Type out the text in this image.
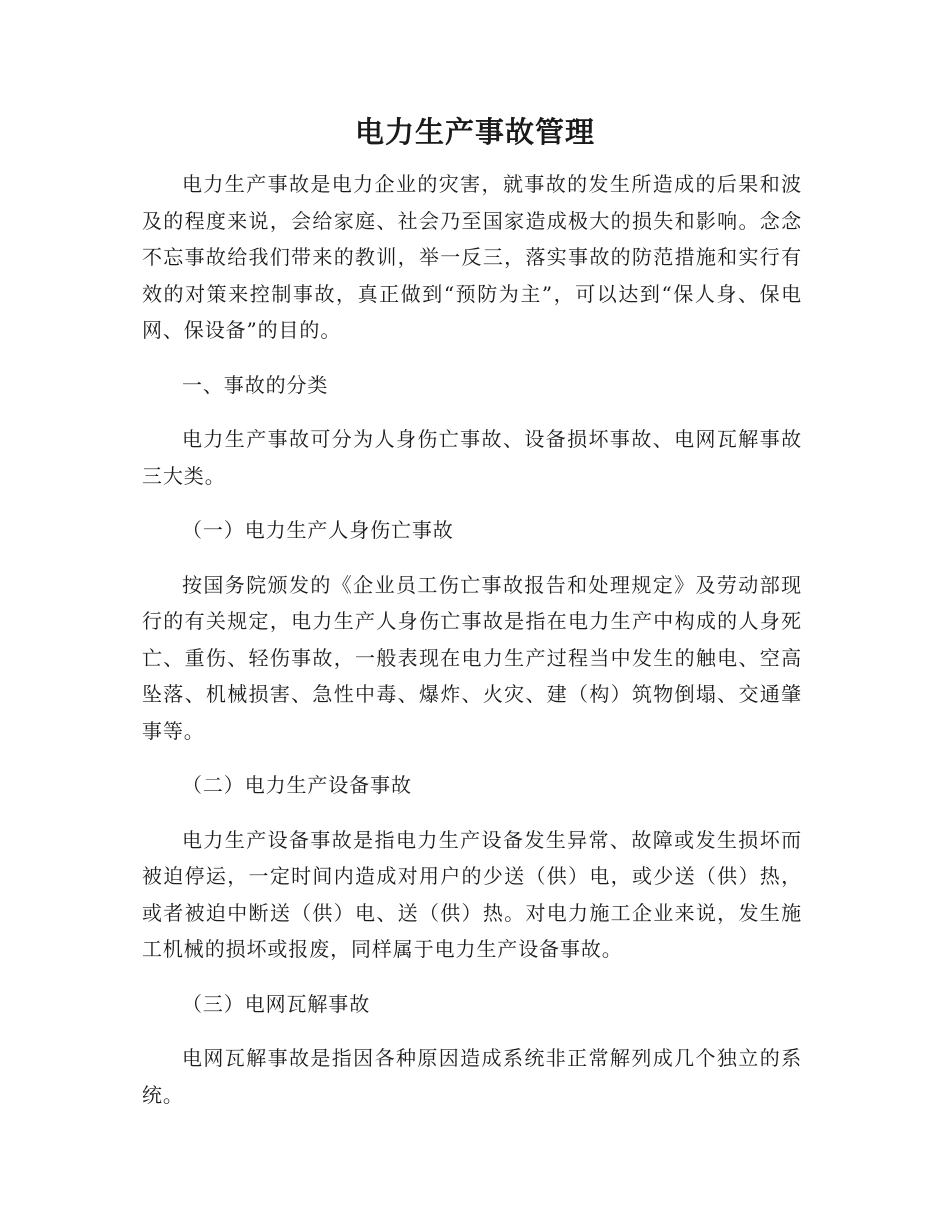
电力生产事故管理

电力生产事故是电力企业的灾害，就事故的发生所造成的后果和波及的程度来说，会给家庭、社会乃至国家造成极大的损失和影响。念念不忘事故给我们带来的教训，举一反三，落实事故的防范措施和实行有效的对策来控制事故，真正做到“预防为主”，可以达到“保人身、保电网、保设备”的目的。

一、事故的分类

电力生产事故可分为人身伤亡事故、设备损坏事故、电网瓦解事故三大类。

（一）电力生产人身伤亡事故

按国务院颁发的《企业员工伤亡事故报告和处理规定》及劳动部现行的有关规定，电力生产人身伤亡事故是指在电力生产中构成的人身死亡、重伤、轻伤事故，一般表现在电力生产过程当中发生的触电、空高坠落、机械损害、急性中毒、爆炸、火灾、建（构）筑物倒塌、交通肇事等。

（二）电力生产设备事故

电力生产设备事故是指电力生产设备发生异常、故障或发生损坏而被迫停运，一定时间内造成对用户的少送（供）电，或少送（供）热，或者被迫中断送（供）电、送（供）热。对电力施工企业来说，发生施工机械的损坏或报废，同样属于电力生产设备事故。

（三）电网瓦解事故

电网瓦解事故是指因各种原因造成系统非正常解列成几个独立的系统。
